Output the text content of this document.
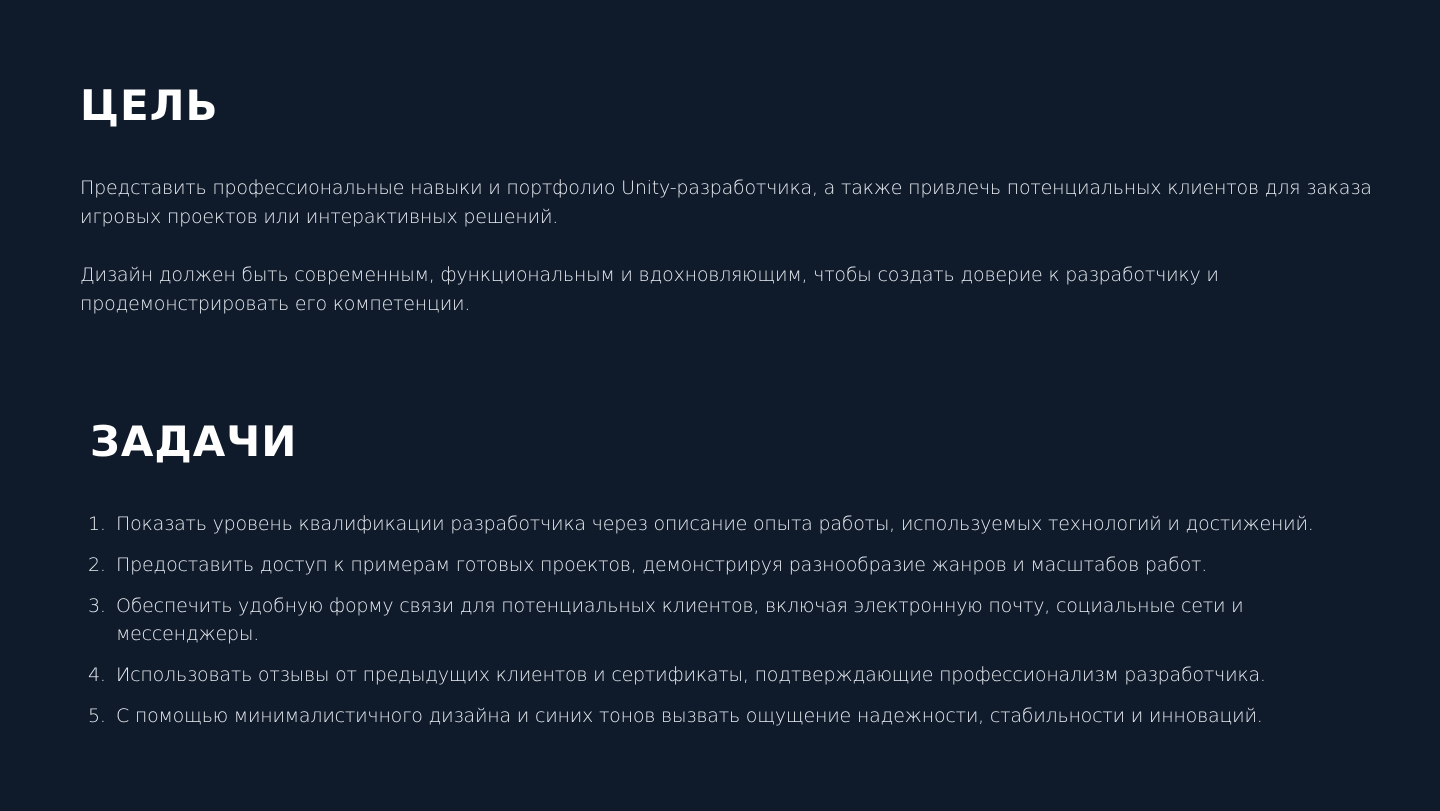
ЦЕЛЬ

Представить профессиональные навыки и портфолио Unity-разработчика, а также привлечь потенциальных клиентов для заказа игровых проектов или интерактивных решений.

Дизайн должен быть современным, функциональным и вдохновляющим, чтобы создать доверие к разработчику и продемонстрировать его компетенции.

ЗАДАЧИ
1. Показать уровень квалификации разработчика через описание опыта работы, используемых технологий и достижений.
2. Предоставить доступ к примерам готовых проектов, демонстрируя разнообразие жанров и масштабов работ.
3. Обеспечить удобную форму связи для потенциальных клиентов, включая электронную почту, социальные сети и мессенджеры.
4. Использовать отзывы от предыдущих клиентов и сертификаты, подтверждающие профессионализм разработчика.
5. С помощью минималистичного дизайна и синих тонов вызвать ощущение надежности, стабильности и инноваций.
